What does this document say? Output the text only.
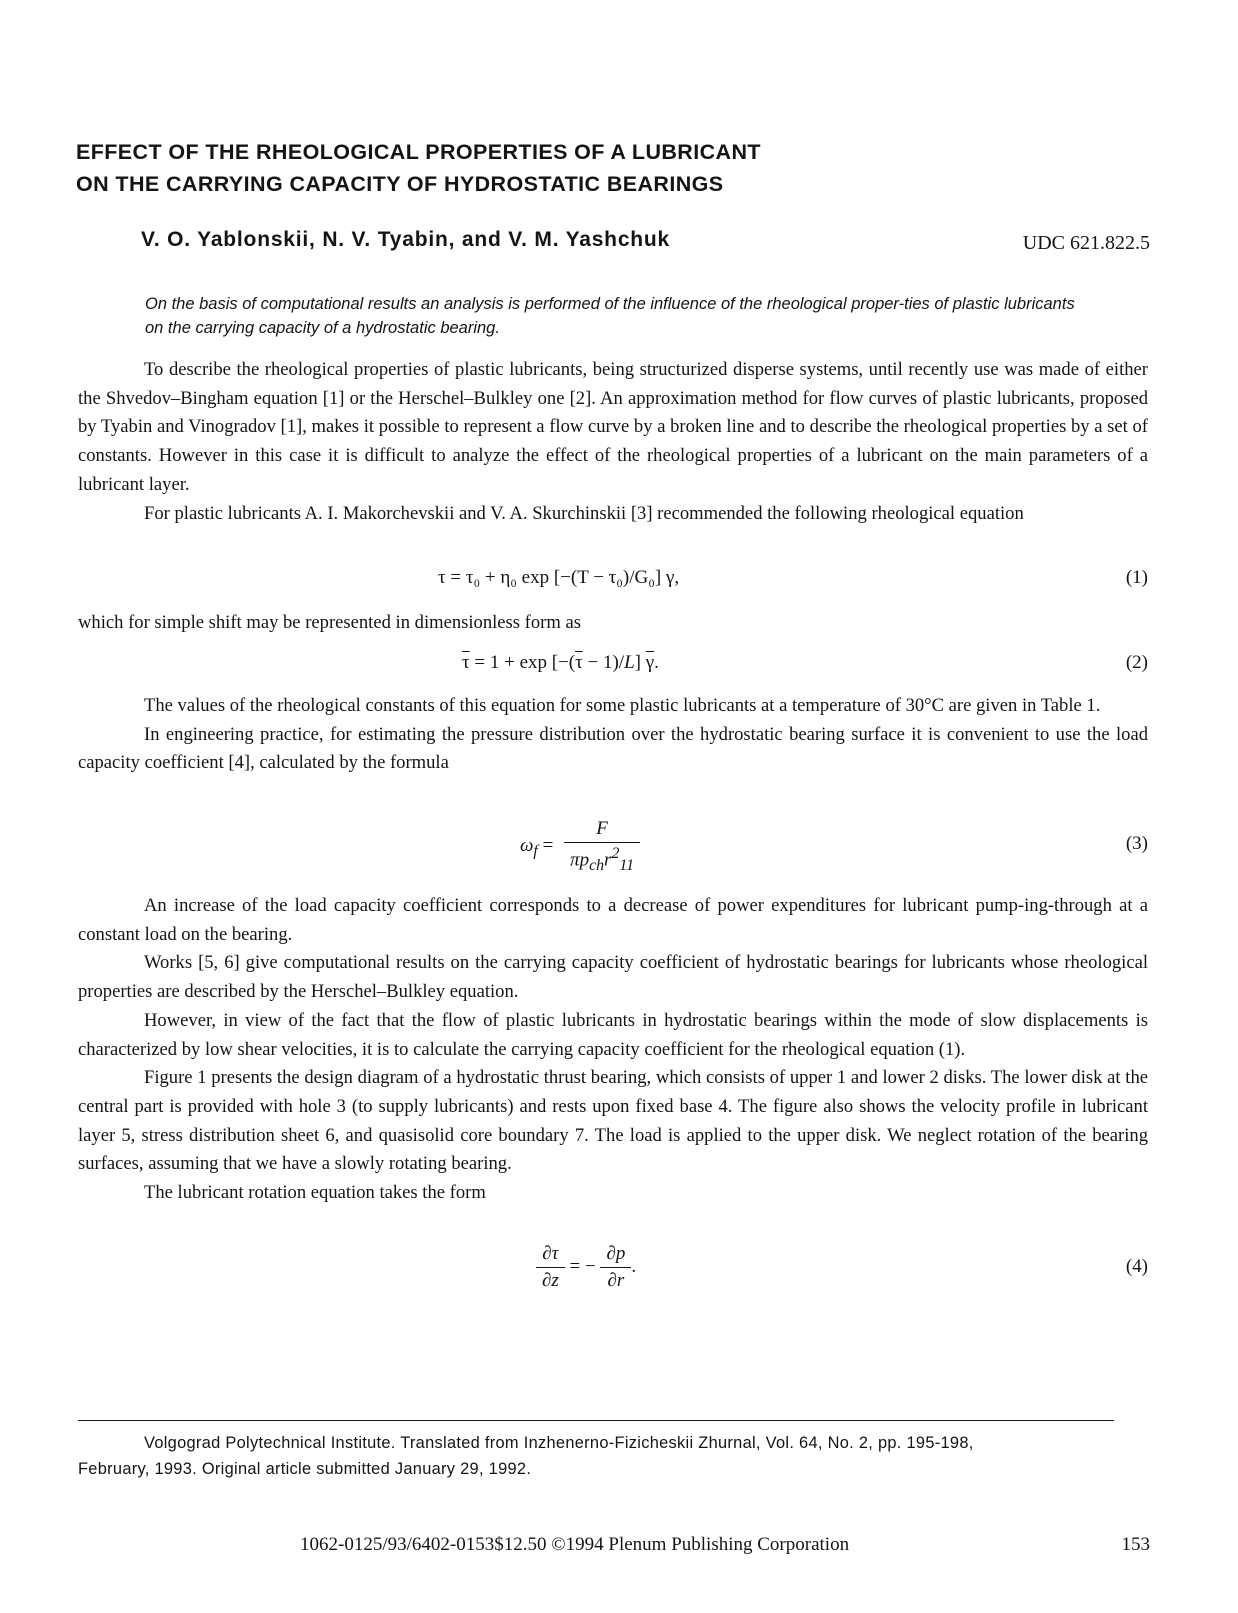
EFFECT OF THE RHEOLOGICAL PROPERTIES OF A LUBRICANT
ON THE CARRYING CAPACITY OF HYDROSTATIC BEARINGS
V. O. Yablonskii, N. V. Tyabin, and V. M. Yashchuk	UDC 621.822.5
On the basis of computational results an analysis is performed of the influence of the rheological proper-ties of plastic lubricants on the carrying capacity of a hydrostatic bearing.

To describe the rheological properties of plastic lubricants, being structurized disperse systems, until recently use was made of either the Shvedov–Bingham equation [1] or the Herschel–Bulkley one [2]. An approximation method for flow curves of plastic lubricants, proposed by Tyabin and Vinogradov [1], makes it possible to represent a flow curve by a broken line and to describe the rheological properties by a set of constants. However in this case it is difficult to analyze the effect of the rheological properties of a lubricant on the main parameters of a lubricant layer.

For plastic lubricants A. I. Makorchevskii and V. A. Skurchinskii [3] recommended the following rheological equation

τ = τ₀ + η₀ exp [−(T − τ₀)/G₀] γ,	(1)

which for simple shift may be represented in dimensionless form as

$\overline{\tau} = 1 + \exp [-(\overline{\tau} - 1)/L]$ $\overline{\gamma}$.	(2)

The values of the rheological constants of this equation for some plastic lubricants at a temperature of 30°C are given in Table 1.

In engineering practice, for estimating the pressure distribution over the hydrostatic bearing surface it is convenient to use the load capacity coefficient [4], calculated by the formula

$\omega_f = \frac{F}{\pi p_{ch}r^2_{11}}$	(3)

An increase of the load capacity coefficient corresponds to a decrease of power expenditures for lubricant pump-ing-through at a constant load on the bearing.

Works [5, 6] give computational results on the carrying capacity coefficient of hydrostatic bearings for lubricants whose rheological properties are described by the Herschel–Bulkley equation.

However, in view of the fact that the flow of plastic lubricants in hydrostatic bearings within the mode of slow displacements is characterized by low shear velocities, it is to calculate the carrying capacity coefficient for the rheological equation (1).

Figure 1 presents the design diagram of a hydrostatic thrust bearing, which consists of upper 1 and lower 2 disks. The lower disk at the central part is provided with hole 3 (to supply lubricants) and rests upon fixed base 4. The figure also shows the velocity profile in lubricant layer 5, stress distribution sheet 6, and quasisolid core boundary 7. The load is applied to the upper disk. We neglect rotation of the bearing surfaces, assuming that we have a slowly rotating bearing.

The lubricant rotation equation takes the form

$\frac{\partial\tau}{\partial z}$ = − $\frac{\partial p}{\partial r}$ .	(4)

Volgograd Polytechnical Institute. Translated from Inzhenerno-Fizicheskii Zhurnal, Vol. 64, No. 2, pp. 195-198,

February, 1993. Original article submitted January 29, 1992.
1062-0125/93/6402-0153$12.50 ©1994 Plenum Publishing Corporation	153
